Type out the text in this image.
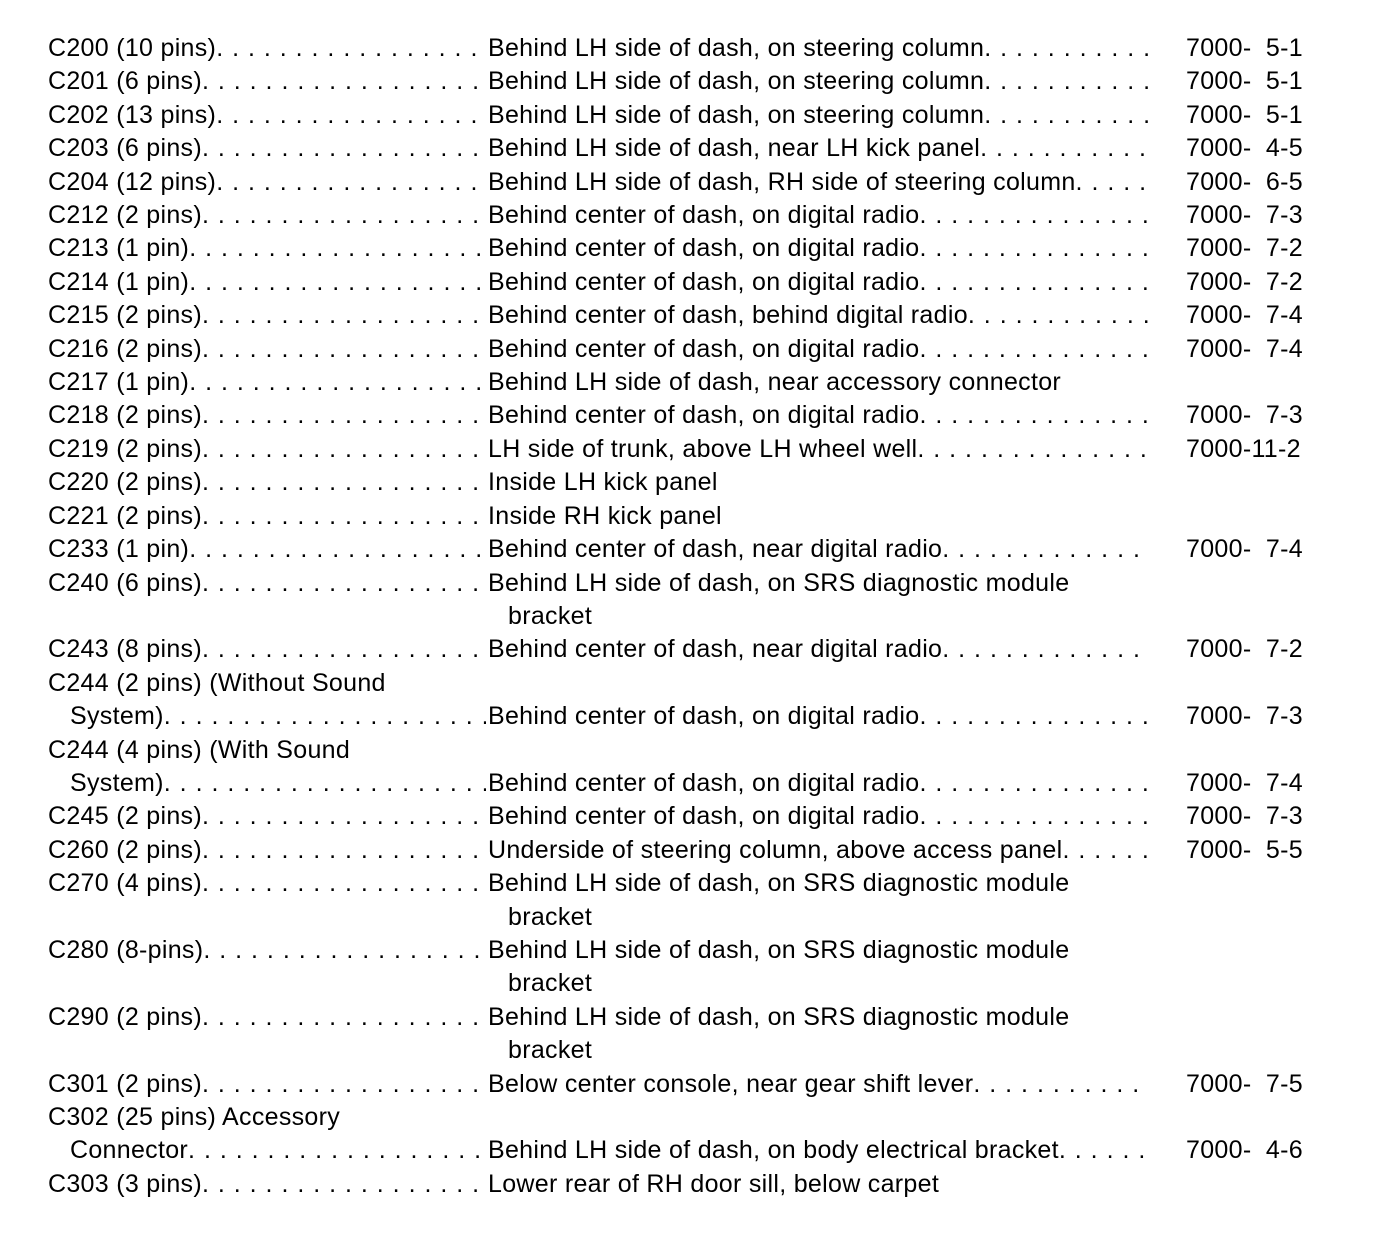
C200 (10 pins) . . .	Behind LH side of dash, on steering column . . .	7000-  5-1
C201 (6 pins) . . .	Behind LH side of dash, on steering column . . .	7000-  5-1
C202 (13 pins) . . .	Behind LH side of dash, on steering column . . .	7000-  5-1
C203 (6 pins) . . .	Behind LH side of dash, near LH kick panel . . .	7000-  4-5
C204 (12 pins) . . .	Behind LH side of dash, RH side of steering column . . .	7000-  6-5
C212 (2 pins) . . .	Behind center of dash, on digital radio . . .	7000-  7-3
C213 (1 pin) . . .	Behind center of dash, on digital radio . . .	7000-  7-2
C214 (1 pin) . . .	Behind center of dash, on digital radio . . .	7000-  7-2
C215 (2 pins) . . .	Behind center of dash, behind digital radio . . .	7000-  7-4
C216 (2 pins) . . .	Behind center of dash, on digital radio . . .	7000-  7-4
C217 (1 pin) . . .	Behind LH side of dash, near accessory connector
C218 (2 pins) . . .	Behind center of dash, on digital radio . . .	7000-  7-3
C219 (2 pins) . . .	LH side of trunk, above LH wheel well . . .	7000-11-2
C220 (2 pins) . . .	Inside LH kick panel
C221 (2 pins) . . .	Inside RH kick panel
C233 (1 pin) . . .	Behind center of dash, near digital radio . . .	7000-  7-4
C240 (6 pins) . . .	Behind LH side of dash, on SRS diagnostic module
bracket
C243 (8 pins) . . .	Behind center of dash, near digital radio . . .	7000-  7-2
C244 (2 pins) (Without Sound
System) . . .	Behind center of dash, on digital radio . . .	7000-  7-3
C244 (4 pins) (With Sound
System) . . .	Behind center of dash, on digital radio . . .	7000-  7-4
C245 (2 pins) . . .	Behind center of dash, on digital radio . . .	7000-  7-3
C260 (2 pins) . . .	Underside of steering column, above access panel . . .	7000-  5-5
C270 (4 pins) . . .	Behind LH side of dash, on SRS diagnostic module
bracket
C280 (8-pins) . . .	Behind LH side of dash, on SRS diagnostic module
bracket
C290 (2 pins) . . .	Behind LH side of dash, on SRS diagnostic module
bracket
C301 (2 pins) . . .	Below center console, near gear shift lever . . .	7000-  7-5
C302 (25 pins) Accessory
Connector . . .	Behind LH side of dash, on body electrical bracket . . .	7000-  4-6
C303 (3 pins) . . .	Lower rear of RH door sill, below carpet
